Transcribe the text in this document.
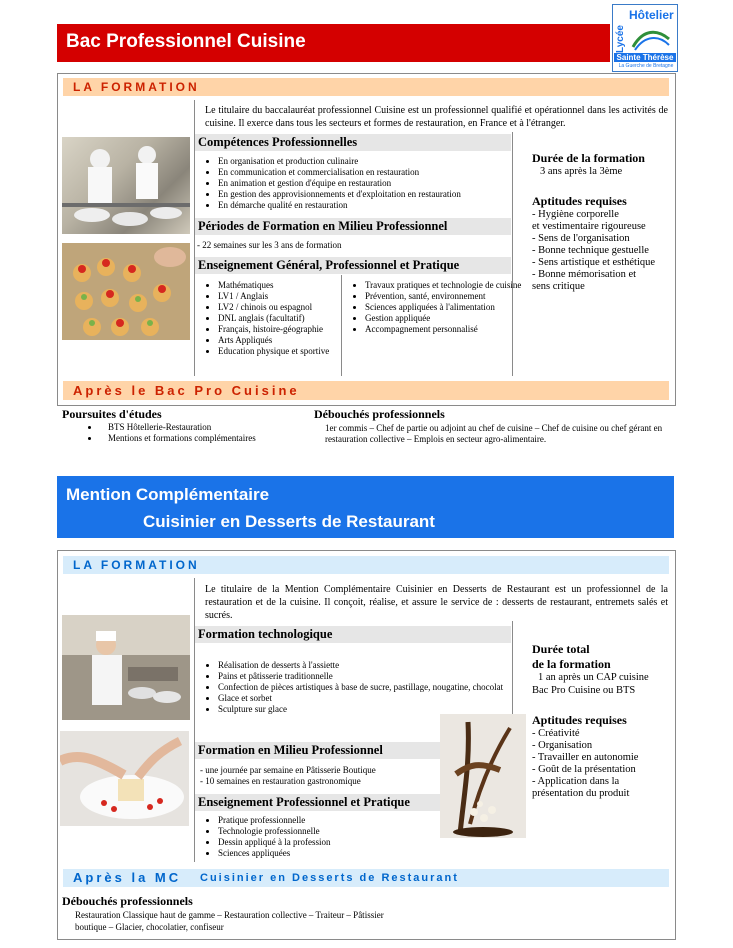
Bac Professionnel Cuisine	Lycée
Hôtelier
Sainte Thérèse
La Guerche de Bretagne
LA FORMATION
Le titulaire du baccalauréat professionnel Cuisine est un professionnel qualifié et opérationnel dans les activités de cuisine. Il exerce dans tous les secteurs et formes de restauration, en France et à l'étranger.
Compétences Professionnelles
• En organisation et production culinaire
• En communication et commercialisation en restauration
• En animation et gestion d'équipe en restauration
• En gestion des approvisionnements et d'exploitation en restauration
• En démarche qualité en restauration
Périodes de Formation en Milieu Professionnel
- 22 semaines sur les 3 ans de formation
Enseignement Général, Professionnel et Pratique
• Mathématiques
• LV1 / Anglais
• LV2 / chinois ou espagnol
• DNL anglais (facultatif)
• Français, histoire-géographie
• Arts Appliqués
• Education physique et sportive
• Travaux pratiques et technologie de cuisine
• Prévention, santé, environnement
• Sciences appliquées à l'alimentation
• Gestion appliquée
• Accompagnement personnalisé
Durée de la formation
3 ans après la 3ème
Aptitudes requises
- Hygiène corporelle
et vestimentaire rigoureuse
- Sens de l'organisation
- Bonne technique gestuelle
- Sens artistique et esthétique
- Bonne mémorisation et
sens critique
Après le Bac Pro Cuisine
Poursuites d'études
• BTS Hôtellerie-Restauration
• Mentions et formations complémentaires
Débouchés professionnels
1er commis – Chef de partie ou adjoint au chef de cuisine – Chef de cuisine ou chef gérant en restauration collective – Emplois en secteur agro-alimentaire.
Mention Complémentaire
Cuisinier en Desserts de Restaurant
LA FORMATION
Le titulaire de la Mention Complémentaire Cuisinier en Desserts de Restaurant est un professionnel de la restauration et de la cuisine. Il conçoit, réalise, et assure le service de : desserts de restaurant, entremets salés et sucrés.
Formation technologique
• Réalisation de desserts à l'assiette
• Pains et pâtisserie traditionnelle
• Confection de pièces artistiques à base de sucre, pastillage, nougatine, chocolat
• Glace et sorbet
• Sculpture sur glace
Formation en Milieu Professionnel
- une journée par semaine en Pâtisserie Boutique
- 10 semaines en restauration gastronomique
Enseignement Professionnel et Pratique
• Pratique professionnelle
• Technologie professionnelle
• Dessin appliqué à la profession
• Sciences appliquées
Durée total
de la formation
1 an après un CAP cuisine
Bac Pro Cuisine ou BTS
Aptitudes requises
- Créativité
- Organisation
- Travailler en autonomie
- Goût de la présentation
- Application dans la
présentation du produit
Après la MC Cuisinier en Desserts de Restaurant
Débouchés professionnels
Restauration Classique haut de gamme – Restauration collective – Traiteur – Pâtissier boutique – Glacier, chocolatier, confiseur
